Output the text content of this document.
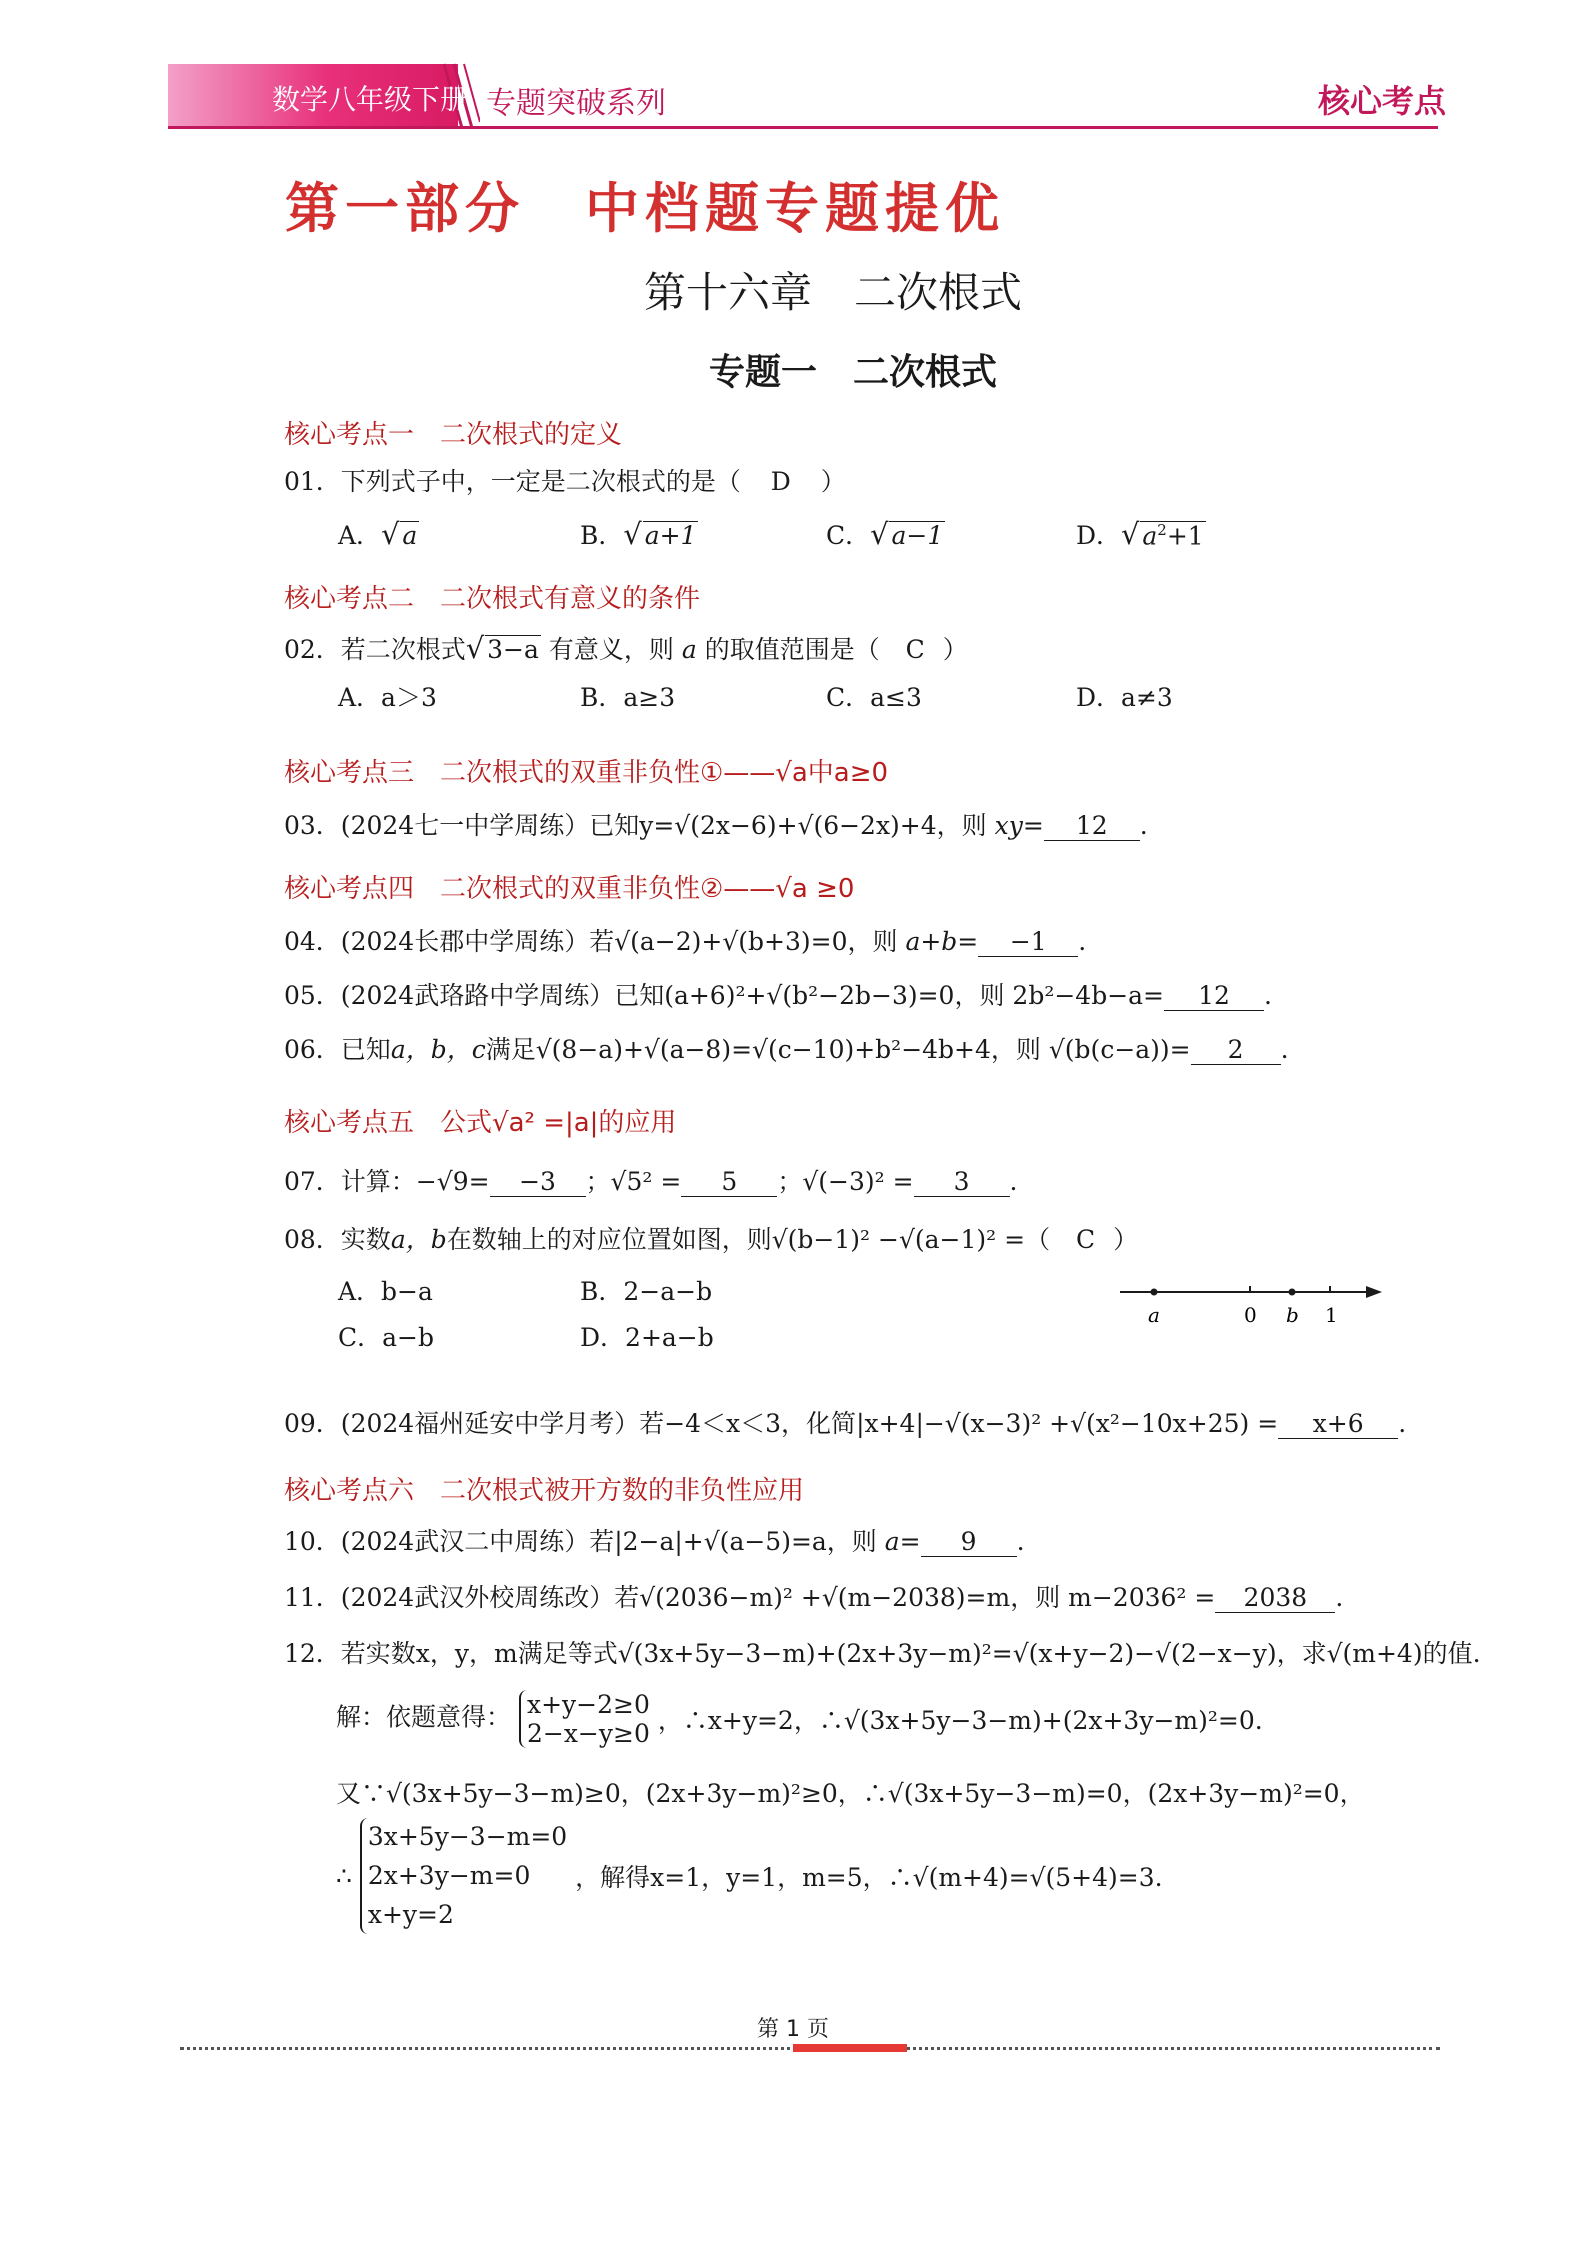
数学八年级下册 专题突破系列	核心考点
第一部分　中档题专题提优
第十六章　二次根式
专题一　二次根式
核心考点一　二次根式的定义
01．下列式子中，一定是二次根式的是（ D ）
A．√ a	B．√ a+1	C．√ a−1	D．√ $a^2+1$
核心考点二　二次根式有意义的条件
02．若二次根式√ 3−a 有意义，则 a 的取值范围是（ C ）
A．a＞3	B．a≥3	C．a≤3	D．a≠3
核心考点三　二次根式的双重非负性①——√a中a≥0
03．(2024七一中学周练）已知y=√(2x−6)+√(6−2x)+4，则 xy= 12 .
核心考点四　二次根式的双重非负性②——√a ≥0
04．(2024长郡中学周练）若√(a−2)+√(b+3)=0，则 a+b= −1 .
05．(2024武珞路中学周练）已知(a+6)²+√(b²−2b−3)=0，则 2b²−4b−a= 12 .
06．已知a，b，c满足√(8−a)+√(a−8)=√(c−10)+b²−4b+4，则 √(b(c−a))= 2 .
核心考点五　公式√a² =|a|的应用
07．计算：−√9= −3 ；√5² = 5 ；√(−3)² = 3 .
08．实数a，b在数轴上的对应位置如图，则√(b−1)² −√(a−1)² =（ C ）
A．b−a	B．2−a−b
C．a−b	D．2+a−b
a	0 b 1
09．(2024福州延安中学月考）若−4＜x＜3，化简|x+4|−√(x−3)² +√(x²−10x+25) = x+6 .
核心考点六　二次根式被开方数的非负性应用
10．(2024武汉二中周练）若|2−a|+√(a−5)=a，则 a= 9 .
11．(2024武汉外校周练改）若√(2036−m)² +√(m−2038)=m，则 m−2036² = 2038 .
12．若实数x，y，m满足等式√(3x+5y−3−m)+(2x+3y−m)²=√(x+y−2)−√(2−x−y)，求√(m+4)的值.
解：依题意得： x+y−2≥0
2−x−y≥0 ，∴x+y=2，∴√(3x+5y−3−m)+(2x+3y−m)²=0.
又∵√(3x+5y−3−m)≥0，(2x+3y−m)²≥0，∴√(3x+5y−3−m)=0，(2x+3y−m)²=0，
∴
3x+5y−3−m=0
2x+3y−m=0
x+y=2
，解得x=1，y=1，m=5，∴√(m+4)=√(5+4)=3.
第 1 页
